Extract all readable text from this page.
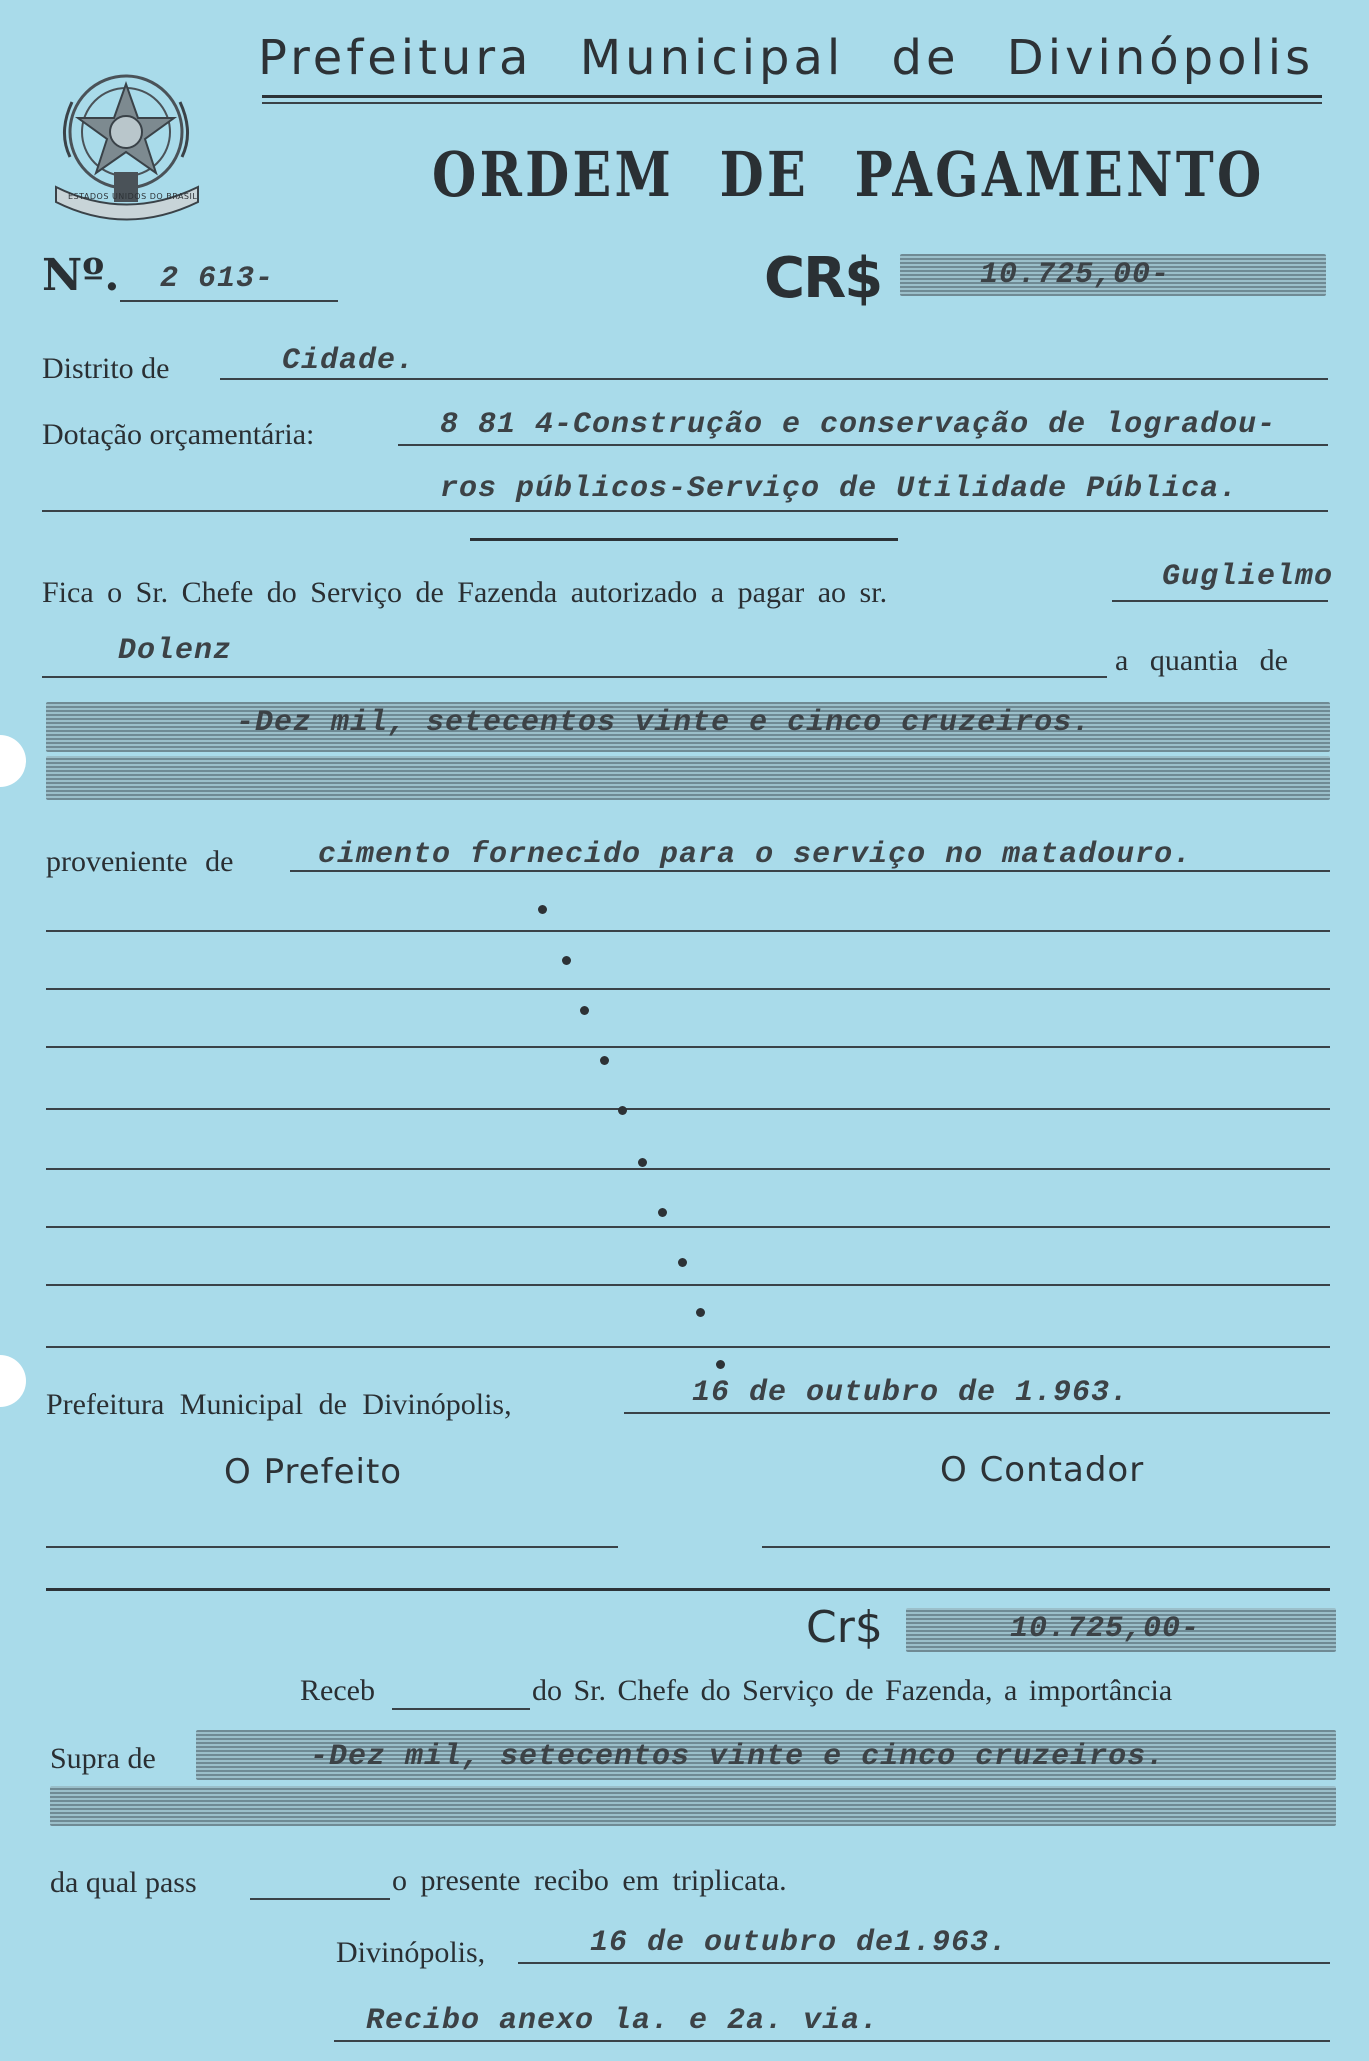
ESTADOS UNIDOS DO BRASIL
Prefeitura Municipal de Divinópolis
ORDEM DE PAGAMENTO
Nº. 2 613-	CR$	10.725,00-
Distrito de	Cidade.
Dotação orçamentária:	8 81 4-Construção e conservação de logradou-
ros públicos-Serviço de Utilidade Pública.
Fica o Sr. Chefe do Serviço de Fazenda autorizado a pagar ao sr.	Guglielmo
Dolenz	a quantia de
-Dez mil, setecentos vinte e cinco cruzeiros.
proveniente de	cimento fornecido para o serviço no matadouro.
Prefeitura Municipal de Divinópolis,	16 de outubro de 1.963.
O Prefeito	O Contador
Cr$	10.725,00-
Receb	do Sr. Chefe do Serviço de Fazenda, a importância
Supra de	-Dez mil, setecentos vinte e cinco cruzeiros.
da qual pass	o presente recibo em triplicata.
Divinópolis,	16 de outubro de1.963.
Recibo anexo la. e 2a. via.
